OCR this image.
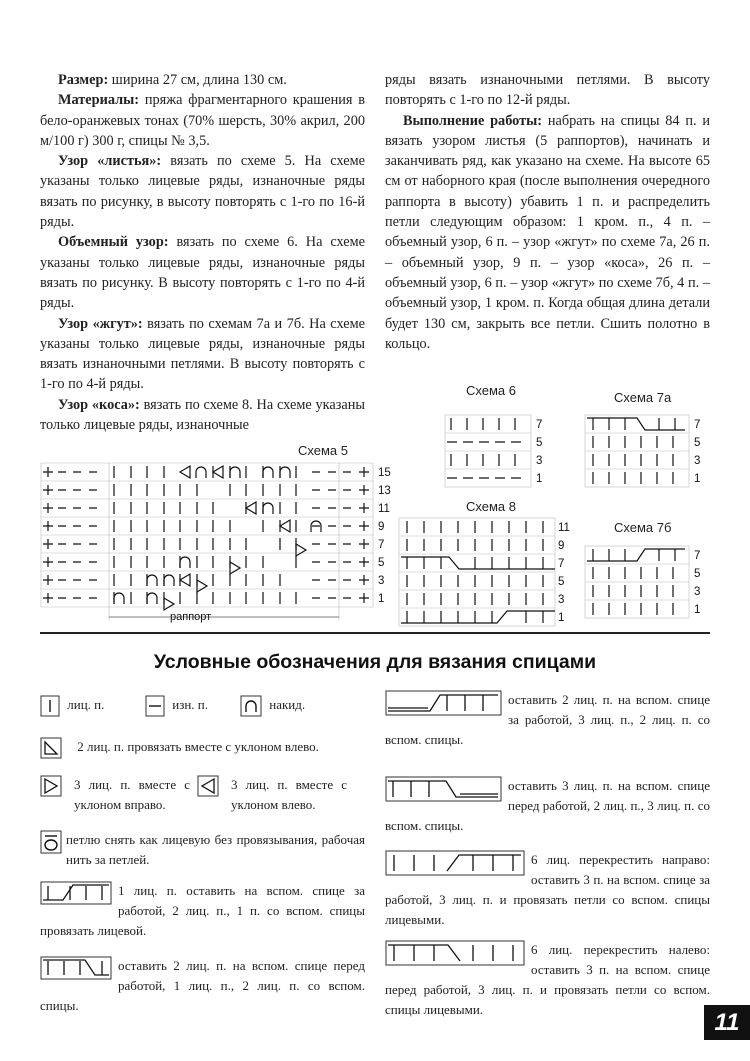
Размер: ширина 27 см, длина 130 см.

Материалы: пряжа фрагментарного крашения в бело-оранжевых тонах (70% шерсть, 30% акрил, 200 м/100 г) 300 г, спицы № 3,5.

Узор «листья»: вязать по схеме 5. На схеме указаны только лицевые ряды, изнаночные ряды вязать по рисунку, в высоту повторять с 1-го по 16-й ряды.

Объемный узор: вязать по схеме 6. На схеме указаны только лицевые ряды, изнаночные ряды вязать по рисунку. В высоту повторять с 1-го по 4-й ряды.

Узор «жгут»: вязать по схемам 7а и 7б. На схеме указаны только лицевые ряды, изнаночные ряды вязать изнаночными петлями. В высоту повторять с 1-го по 4-й ряды.

Узор «коса»: вязать по схеме 8. На схеме указаны только лицевые ряды, изнаночные

ряды вязать изнаночными петлями. В высоту повторять с 1-го по 12-й ряды.

Выполнение работы: набрать на спицы 84 п. и вязать узором листья (5 раппортов), начинать и заканчивать ряд, как указано на схеме. На высоте 65 см от наборного края (после выполнения очередного раппорта в высоту) убавить 1 п. и распределить петли следующим образом: 1 кром. п., 4 п. – объемный узор, 6 п. – узор «жгут» по схеме 7а, 26 п. – объемный узор, 9 п. – узор «коса», 26 п. – объемный узор, 6 п. – узор «жгут» по схеме 7б, 4 п. – объемный узор, 1 кром. п. Когда общая длина детали будет 130 см, закрыть все петли. Сшить полотно в кольцо.

Схема 5
Схема 6	Схема 7а
Схема 8
Схема 7б
15
13
11
9
7
5
3
1
раппорт
7
5
3
1
7
5
3
1
11
9
7
5
3
1
7
5
3
1
Условные обозначения для вязания спицами
лиц. п.	изн. п.	накид.
2 лиц. п. провязать вместе с уклоном влево.
3 лиц. п. вместе с уклоном вправо.
3 лиц. п. вместе с уклоном влево.
петлю снять как лицевую без провязывания, рабочая нить за петлей.
1 лиц. п. оставить на вспом. спице за работой, 2 лиц. п., 1 п. со вспом. спицы провязать лицевой.
оставить 2 лиц. п. на вспом. спице перед работой, 1 лиц. п., 2 лиц. п. со вспом. спицы.
оставить 2 лиц. п. на вспом. спице за работой, 3 лиц. п., 2 лиц. п. со вспом. спицы.
оставить 3 лиц. п. на вспом. спице перед работой, 2 лиц. п., 3 лиц. п. со вспом. спицы.
6 лиц. перекрестить направо: оставить 3 п. на вспом. спице за работой, 3 лиц. п. и провязать петли со вспом. спицы лицевыми.
6 лиц. перекрестить налево: оставить 3 п. на вспом. спице перед работой, 3 лиц. п. и провязать петли со вспом. спицы лицевыми.	11
